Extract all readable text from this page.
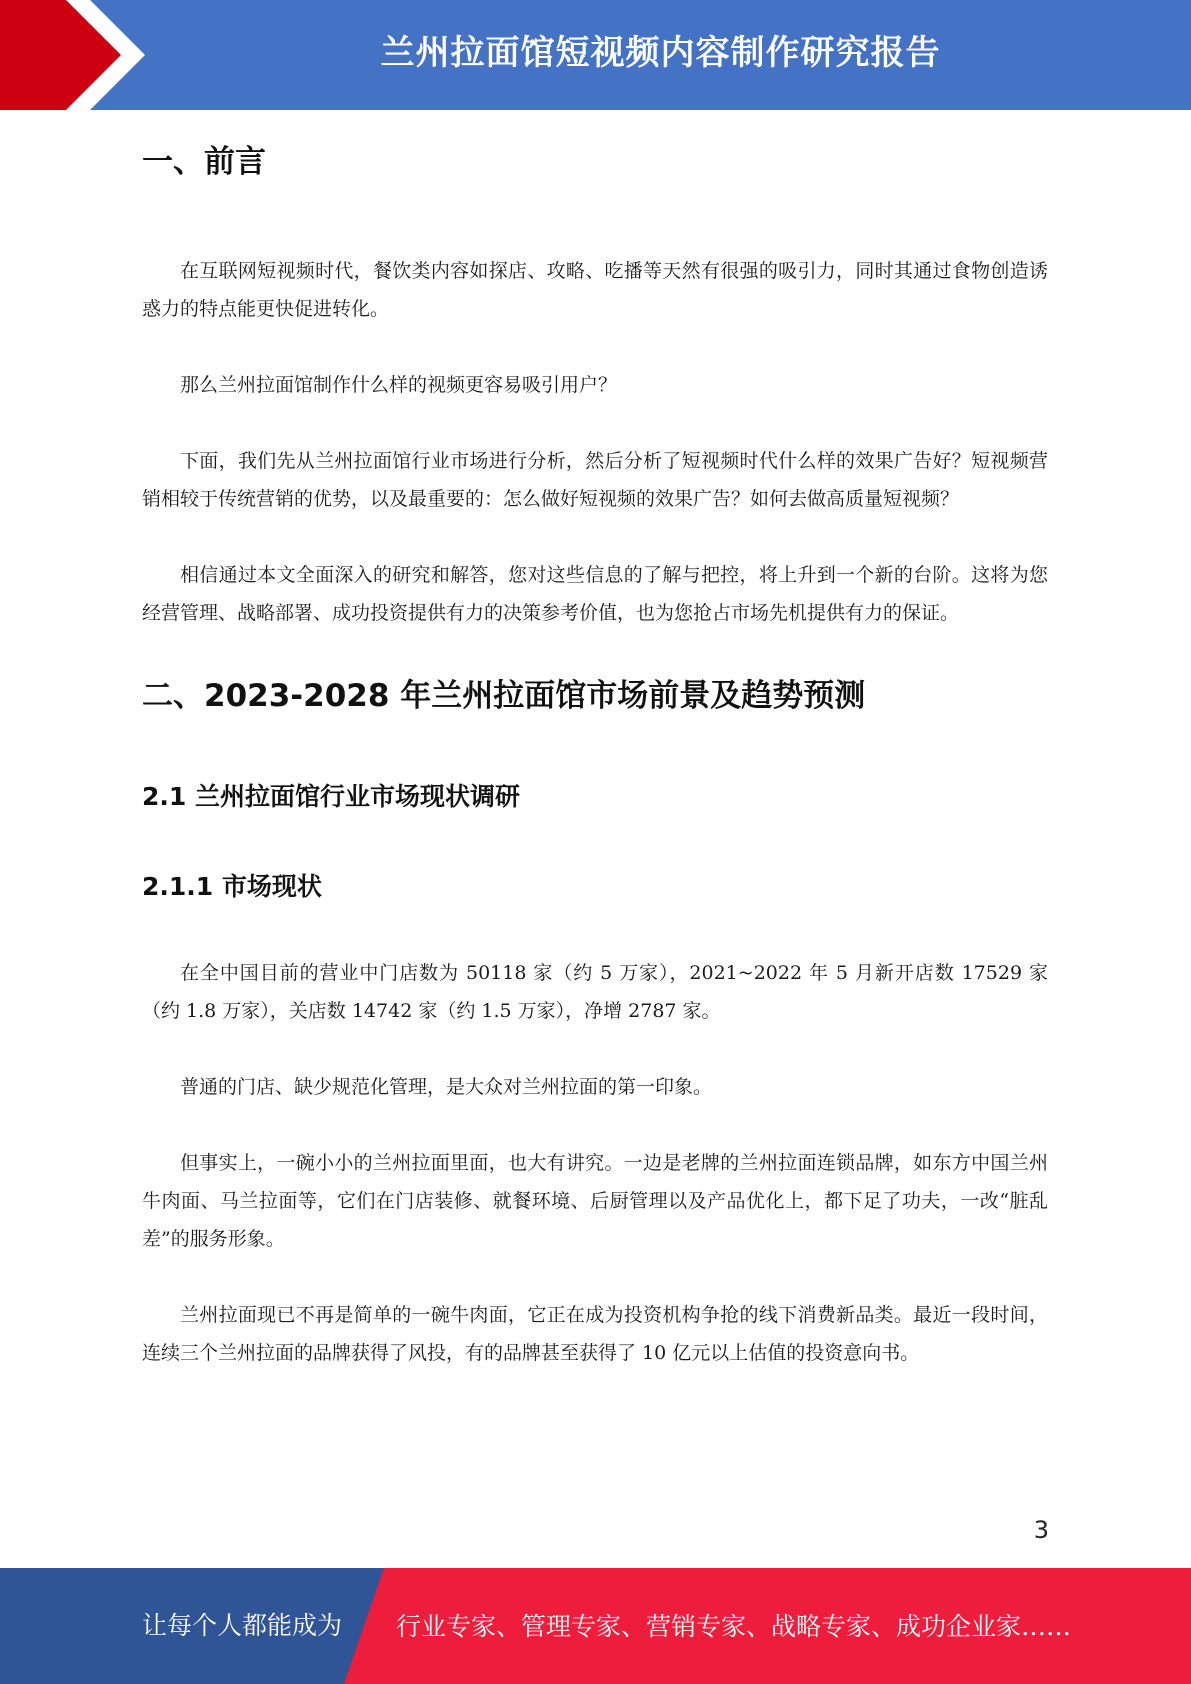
兰州拉面馆短视频内容制作研究报告
一、前言

在互联网短视频时代，餐饮类内容如探店、攻略、吃播等天然有很强的吸引力，同时其通过食物创造诱惑力的特点能更快促进转化。

那么兰州拉面馆制作什么样的视频更容易吸引用户？

下面，我们先从兰州拉面馆行业市场进行分析，然后分析了短视频时代什么样的效果广告好？短视频营销相较于传统营销的优势，以及最重要的：怎么做好短视频的效果广告？如何去做高质量短视频？

相信通过本文全面深入的研究和解答，您对这些信息的了解与把控，将上升到一个新的台阶。这将为您经营管理、战略部署、成功投资提供有力的决策参考价值，也为您抢占市场先机提供有力的保证。

二、2023-2028 年兰州拉面馆市场前景及趋势预测
2.1 兰州拉面馆行业市场现状调研
2.1.1 市场现状

在全中国目前的营业中门店数为 50118 家（约 5 万家），2021~2022 年 5 月新开店数 17529 家（约 1.8 万家），关店数 14742 家（约 1.5 万家），净增 2787 家。

普通的门店、缺少规范化管理，是大众对兰州拉面的第一印象。

但事实上，一碗小小的兰州拉面里面，也大有讲究。一边是老牌的兰州拉面连锁品牌，如东方中国兰州牛肉面、马兰拉面等，它们在门店装修、就餐环境、后厨管理以及产品优化上，都下足了功夫，一改“脏乱差”的服务形象。

兰州拉面现已不再是简单的一碗牛肉面，它正在成为投资机构争抢的线下消费新品类。最近一段时间，连续三个兰州拉面的品牌获得了风投，有的品牌甚至获得了 10 亿元以上估值的投资意向书。

3
让每个人都能成为 行业专家、管理专家、营销专家、战略专家、成功企业家……
